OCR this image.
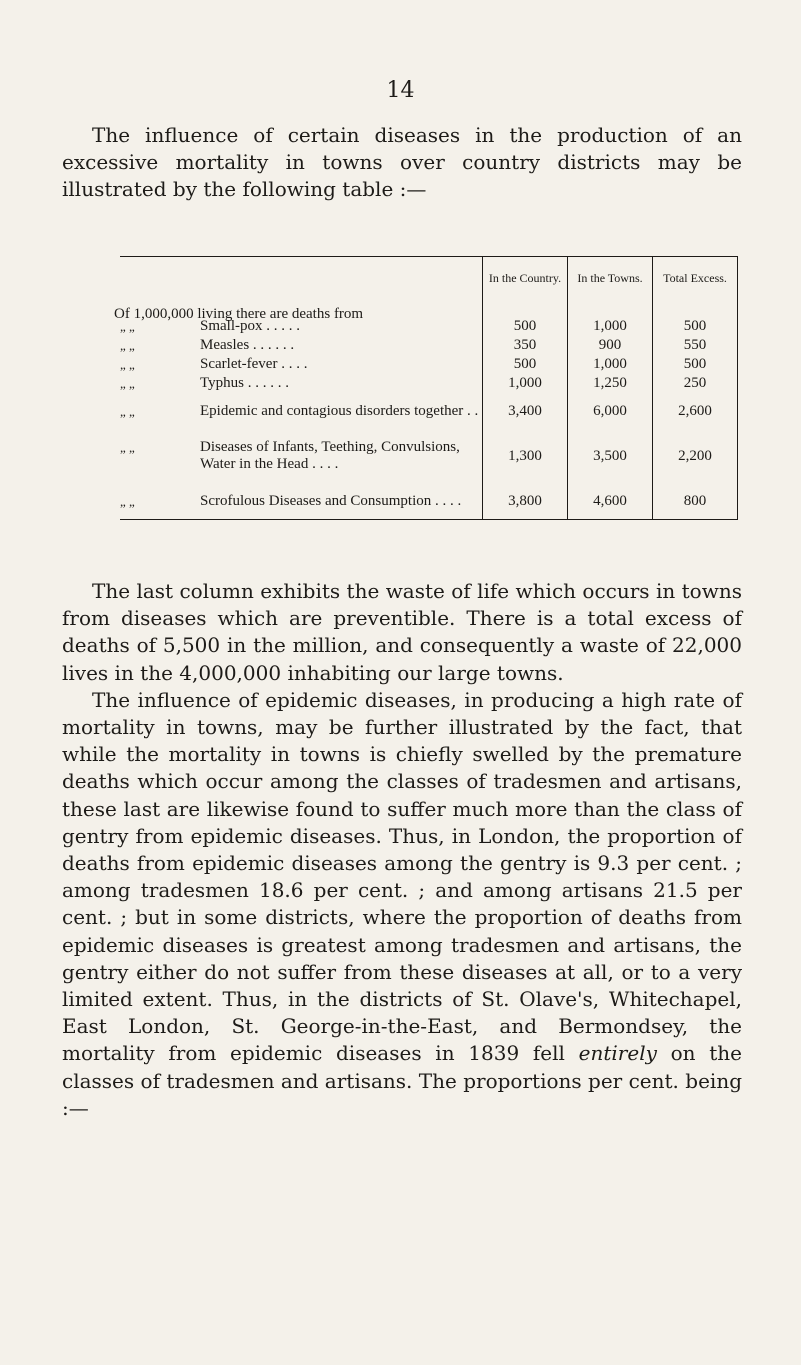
14

The influence of certain diseases in the production of an excessive mortality in towns over country districts may be illustrated by the following table :—

	In the Country.	In the Towns.	Total Excess.

Of 1,000,000 living there are deaths from			

„ „ Small-pox . . . . .	500	1,000	500

„ „ Measles . . . . . .	350	900	550

„ „ Scarlet-fever . . . .	500	1,000	500

„ „ Typhus . . . . . .	1,000	1,250	250

„ „ Epidemic and contagious disorders together . .	3,400	6,000	2,600

„ „ Diseases of Infants, Teething, Convulsions, Water in the Head . . . .	1,300	3,500	2,200

„ „ Scrofulous Diseases and Consumption . . . .	3,800	4,600	800

The last column exhibits the waste of life which occurs in towns from diseases which are preventible. There is a total excess of deaths of 5,500 in the million, and consequently a waste of 22,000 lives in the 4,000,000 inhabiting our large towns.

The influence of epidemic diseases, in producing a high rate of mortality in towns, may be further illustrated by the fact, that while the mortality in towns is chiefly swelled by the premature deaths which occur among the classes of tradesmen and artisans, these last are likewise found to suffer much more than the class of gentry from epidemic diseases. Thus, in London, the proportion of deaths from epidemic diseases among the gentry is 9.3 per cent. ; among tradesmen 18.6 per cent. ; and among artisans 21.5 per cent. ; but in some districts, where the proportion of deaths from epidemic diseases is greatest among tradesmen and artisans, the gentry either do not suffer from these diseases at all, or to a very limited extent. Thus, in the districts of St. Olave's, Whitechapel, East London, St. George-in-the-East, and Bermondsey, the mortality from epidemic diseases in 1839 fell entirely on the classes of tradesmen and artisans. The proportions per cent. being :—
